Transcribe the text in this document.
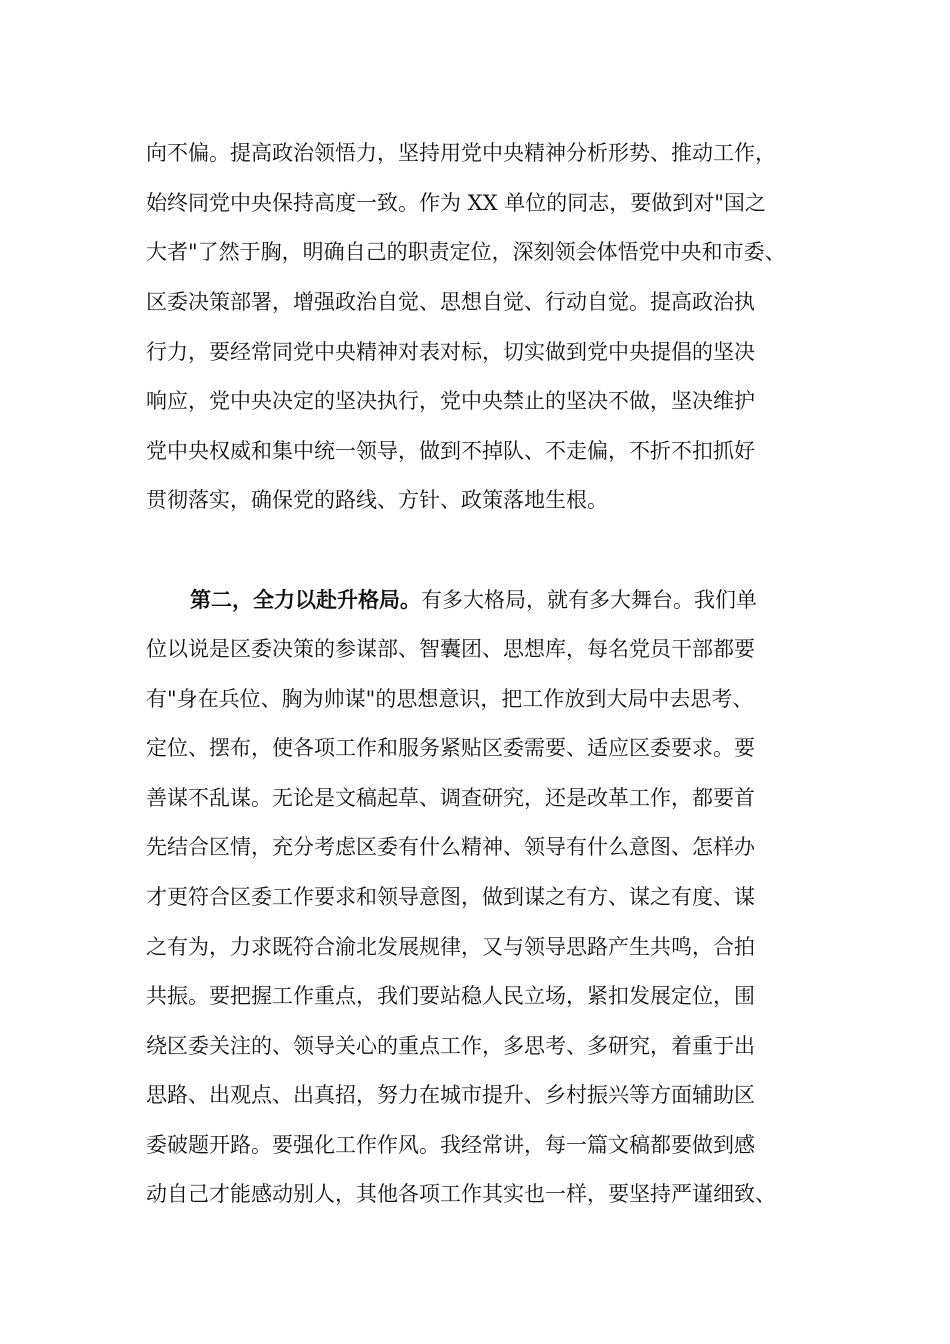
向不偏。提高政治领悟力，坚持用党中央精神分析形势、推动工作，
始终同党中央保持高度一致。作为 XX 单位的同志，要做到对"国之
大者"了然于胸，明确自己的职责定位，深刻领会体悟党中央和市委、
区委决策部署，增强政治自觉、思想自觉、行动自觉。提高政治执
行力，要经常同党中央精神对表对标，切实做到党中央提倡的坚决
响应，党中央决定的坚决执行，党中央禁止的坚决不做，坚决维护
党中央权威和集中统一领导，做到不掉队、不走偏，不折不扣抓好
贯彻落实，确保党的路线、方针、政策落地生根。
第二，全力以赴升格局。有多大格局，就有多大舞台。我们单
位以说是区委决策的参谋部、智囊团、思想库，每名党员干部都要
有"身在兵位、胸为帅谋"的思想意识，把工作放到大局中去思考、
定位、摆布，使各项工作和服务紧贴区委需要、适应区委要求。要
善谋不乱谋。无论是文稿起草、调查研究，还是改革工作，都要首
先结合区情，充分考虑区委有什么精神、领导有什么意图、怎样办
才更符合区委工作要求和领导意图，做到谋之有方、谋之有度、谋
之有为，力求既符合渝北发展规律，又与领导思路产生共鸣，合拍
共振。要把握工作重点，我们要站稳人民立场，紧扣发展定位，围
绕区委关注的、领导关心的重点工作，多思考、多研究，着重于出
思路、出观点、出真招，努力在城市提升、乡村振兴等方面辅助区
委破题开路。要强化工作作风。我经常讲，每一篇文稿都要做到感
动自己才能感动别人，其他各项工作其实也一样，要坚持严谨细致、
